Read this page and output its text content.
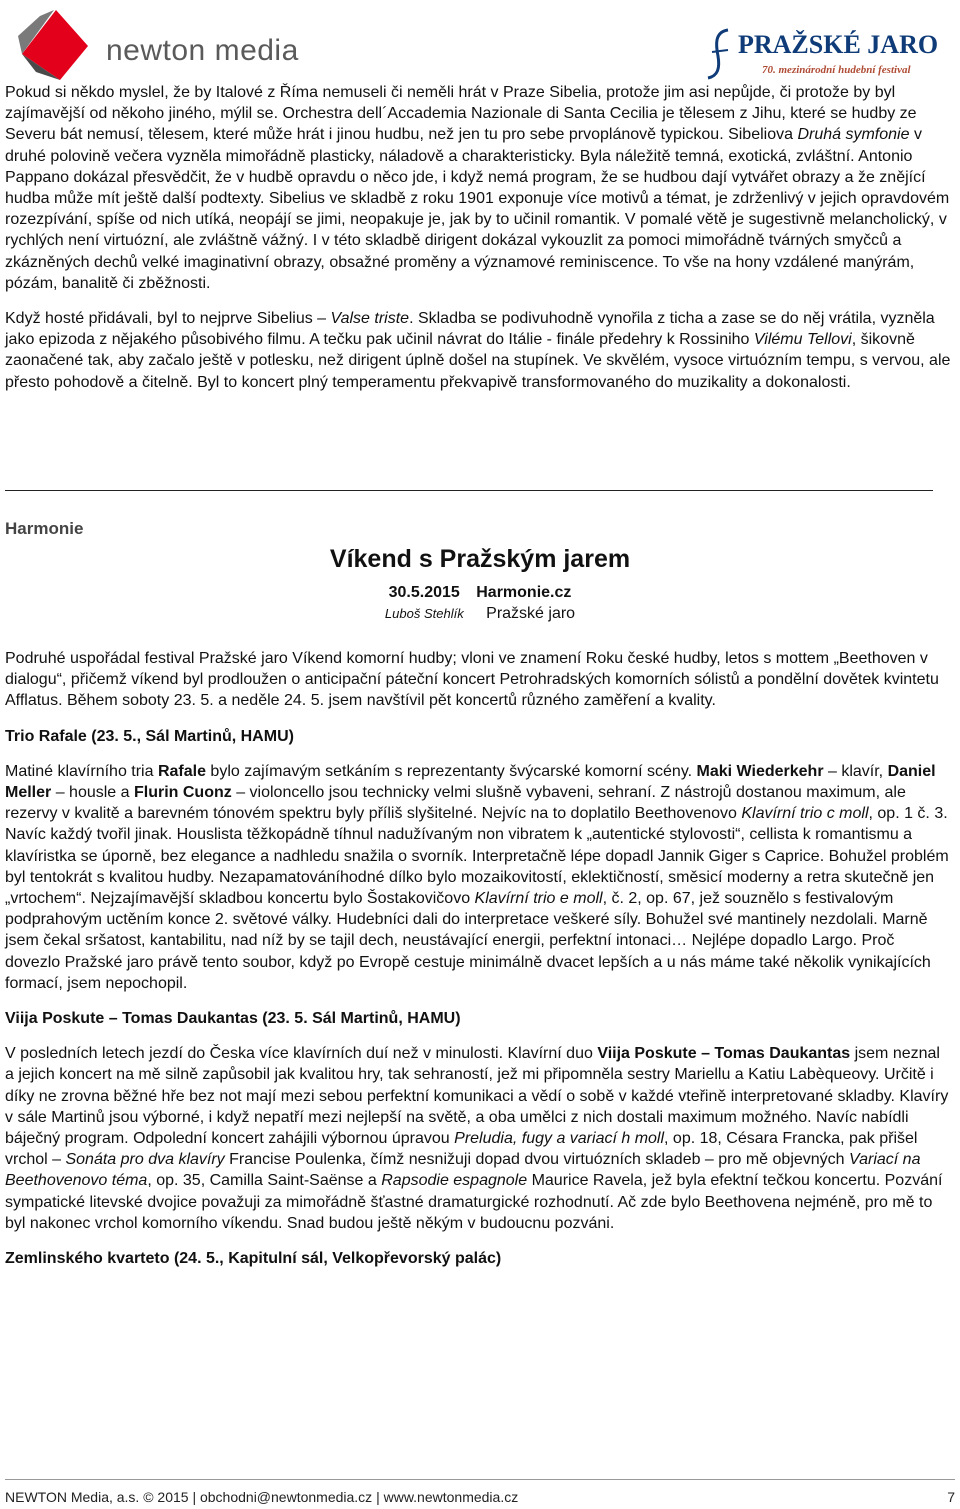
newton media	PRAŽSKÉ JARO
70. mezinárodní hudební festival

Pokud si někdo myslel, že by Italové z Říma nemuseli či neměli hrát v Praze Sibelia, protože jim asi nepůjde, či protože by byl zajímavější od někoho jiného, mýlil se. Orchestra dell´Accademia Nazionale di Santa Cecilia je tělesem z Jihu, které se hudby ze Severu bát nemusí, tělesem, které může hrát i jinou hudbu, než jen tu pro sebe prvoplánově typickou. Sibeliova Druhá symfonie v druhé polovině večera vyzněla mimořádně plasticky, náladově a charakteristicky. Byla náležitě temná, exotická, zvláštní. Antonio Pappano dokázal přesvědčit, že v hudbě opravdu o něco jde, i když nemá program, že se hudbou dají vytvářet obrazy a že znějící hudba může mít ještě další podtexty. Sibelius ve skladbě z roku 1901 exponuje více motivů a témat, je zdrženlivý v jejich opravdovém rozezpívání, spíše od nich utíká, neopájí se jimi, neopakuje je, jak by to učinil romantik. V pomalé větě je sugestivně melancholický, v rychlých není virtuózní, ale zvláštně vážný. I v této skladbě dirigent dokázal vykouzlit za pomoci mimořádně tvárných smyčců a zkázněných dechů velké imaginativní obrazy, obsažné proměny a významové reminiscence. To vše na hony vzdálené manýrám, pózám, banalitě či zběžnosti.

Když hosté přidávali, byl to nejprve Sibelius – Valse triste. Skladba se podivuhodně vynořila z ticha a zase se do něj vrátila, vyzněla jako epizoda z nějakého působivého filmu. A tečku pak učinil návrat do Itálie - finále předehry k Rossiniho Vilému Tellovi, šikovně zaonačené tak, aby začalo ještě v potlesku, než dirigent úplně došel na stupínek. Ve skvělém, vysoce virtuózním tempu, s vervou, ale přesto pohodově a čitelně. Byl to koncert plný temperamentu překvapivě transformovaného do muzikality a dokonalosti.

Harmonie
Víkend s Pražským jarem
30.5.2015 Harmonie.cz
Luboš Stehlík Pražské jaro

Podruhé uspořádal festival Pražské jaro Víkend komorní hudby; vloni ve znamení Roku české hudby, letos s mottem „Beethoven v dialogu“, přičemž víkend byl prodloužen o anticipační páteční koncert Petrohradských komorních sólistů a pondělní dovětek kvintetu Afflatus. Během soboty 23. 5. a neděle 24. 5. jsem navštívil pět koncertů různého zaměření a kvality.

Trio Rafale (23. 5., Sál Martinů, HAMU)

Matiné klavírního tria Rafale bylo zajímavým setkáním s reprezentanty švýcarské komorní scény. Maki Wiederkehr – klavír, Daniel Meller – housle a Flurin Cuonz – violoncello jsou technicky velmi slušně vybaveni, sehraní. Z nástrojů dostanou maximum, ale rezervy v kvalitě a barevném tónovém spektru byly příliš slyšitelné. Nejvíc na to doplatilo Beethovenovo Klavírní trio c moll, op. 1 č. 3. Navíc každý tvořil jinak. Houslista těžkopádně tíhnul nadužívaným non vibratem k „autentické stylovosti“, cellista k romantismu a klavíristka se úporně, bez elegance a nadhledu snažila o svorník. Interpretačně lépe dopadl Jannik Giger s Caprice. Bohužel problém byl tentokrát s kvalitou hudby. Nezapamatováníhodné dílko bylo mozaikovitostí, eklektičností, směsicí moderny a retra skutečně jen „vrtochem“. Nejzajímavější skladbou koncertu bylo Šostakovičovo Klavírní trio e moll, č. 2, op. 67, jež souznělo s festivalovým podprahovým uctěním konce 2. světové války. Hudebníci dali do interpretace veškeré síly. Bohužel své mantinely nezdolali. Marně jsem čekal sršatost, kantabilitu, nad níž by se tajil dech, neustávající energii, perfektní intonaci… Nejlépe dopadlo Largo. Proč dovezlo Pražské jaro právě tento soubor, když po Evropě cestuje minimálně dvacet lepších a u nás máme také několik vynikajících formací, jsem nepochopil.

Viija Poskute – Tomas Daukantas (23. 5. Sál Martinů, HAMU)

V posledních letech jezdí do Česka více klavírních duí než v minulosti. Klavírní duo Viija Poskute – Tomas Daukantas jsem neznal a jejich koncert na mě silně zapůsobil jak kvalitou hry, tak sehraností, jež mi připomněla sestry Mariellu a Katiu Labèqueovy. Určitě i díky ne zrovna běžné hře bez not mají mezi sebou perfektní komunikaci a vědí o sobě v každé vteřině interpretované skladby. Klavíry v sále Martinů jsou výborné, i když nepatří mezi nejlepší na světě, a oba umělci z nich dostali maximum možného. Navíc nabídli báječný program. Odpolední koncert zahájili výbornou úpravou Preludia, fugy a variací h moll, op. 18, Césara Francka, pak přišel vrchol – Sonáta pro dva klavíry Francise Poulenka, čímž nesnižuji dopad dvou virtuózních skladeb – pro mě objevných Variací na Beethovenovo téma, op. 35, Camilla Saint-Saënse a Rapsodie espagnole Maurice Ravela, jež byla efektní tečkou koncertu. Pozvání sympatické litevské dvojice považuji za mimořádně šťastné dramaturgické rozhodnutí. Ač zde bylo Beethovena nejméně, pro mě to byl nakonec vrchol komorního víkendu. Snad budou ještě někým v budoucnu pozváni.

Zemlinského kvarteto (24. 5., Kapitulní sál, Velkopřevorský palác)

NEWTON Media, a.s. © 2015 | obchodni@newtonmedia.cz | www.newtonmedia.cz	7
